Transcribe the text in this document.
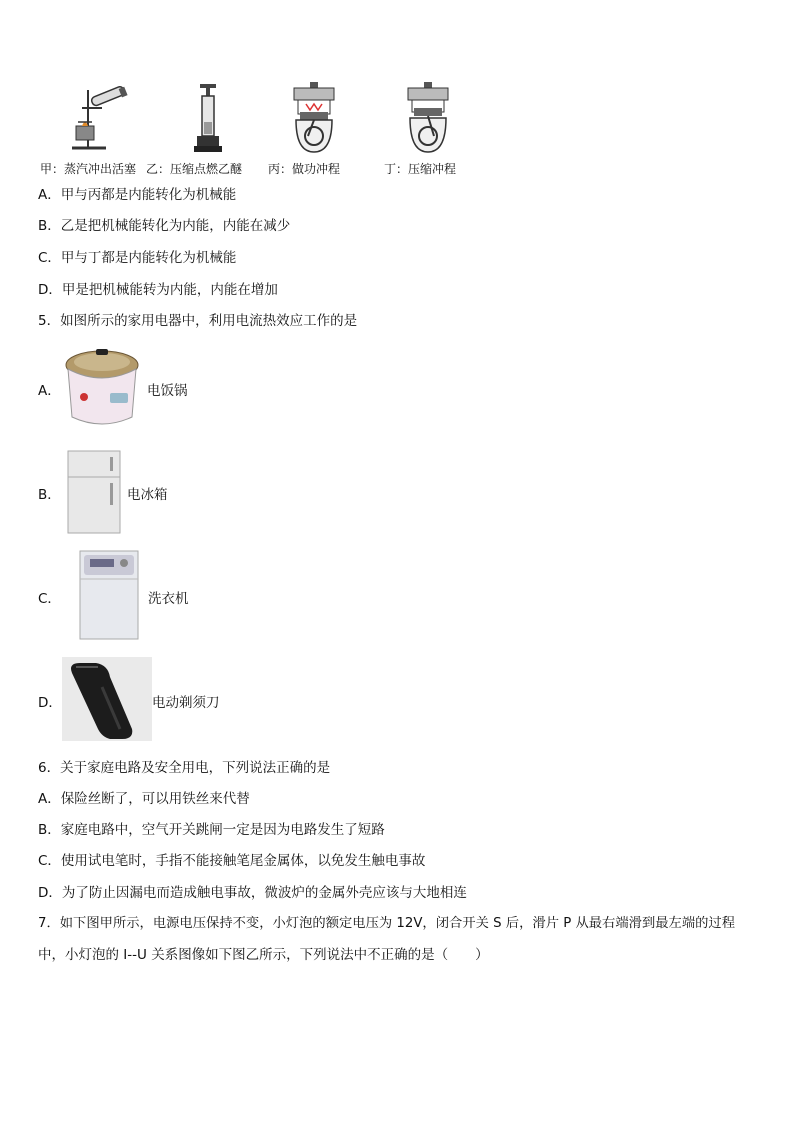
甲：蒸汽冲出活塞 乙：压缩点燃乙醚 丙：做功冲程	丁：压缩冲程
A．甲与丙都是内能转化为机械能
B．乙是把机械能转化为内能，内能在减少
C．甲与丁都是内能转化为机械能
D．甲是把机械能转为内能，内能在增加
5．如图所示的家用电器中，利用电流热效应工作的是
A．	电饭锅
B．	电冰箱
C．	洗衣机
D．	电动剃须刀
6．关于家庭电路及安全用电，下列说法正确的是
A．保险丝断了，可以用铁丝来代替
B．家庭电路中，空气开关跳闸一定是因为电路发生了短路
C．使用试电笔时，手指不能接触笔尾金属体，以免发生触电事故
D．为了防止因漏电而造成触电事故，微波炉的金属外壳应该与大地相连
7．如下图甲所示，电源电压保持不变，小灯泡的额定电压为 12V，闭合开关 S 后，滑片 P 从最右端滑到最左端的过程
中，小灯泡的 I--U 关系图像如下图乙所示，下列说法中不正确的是（　　）
